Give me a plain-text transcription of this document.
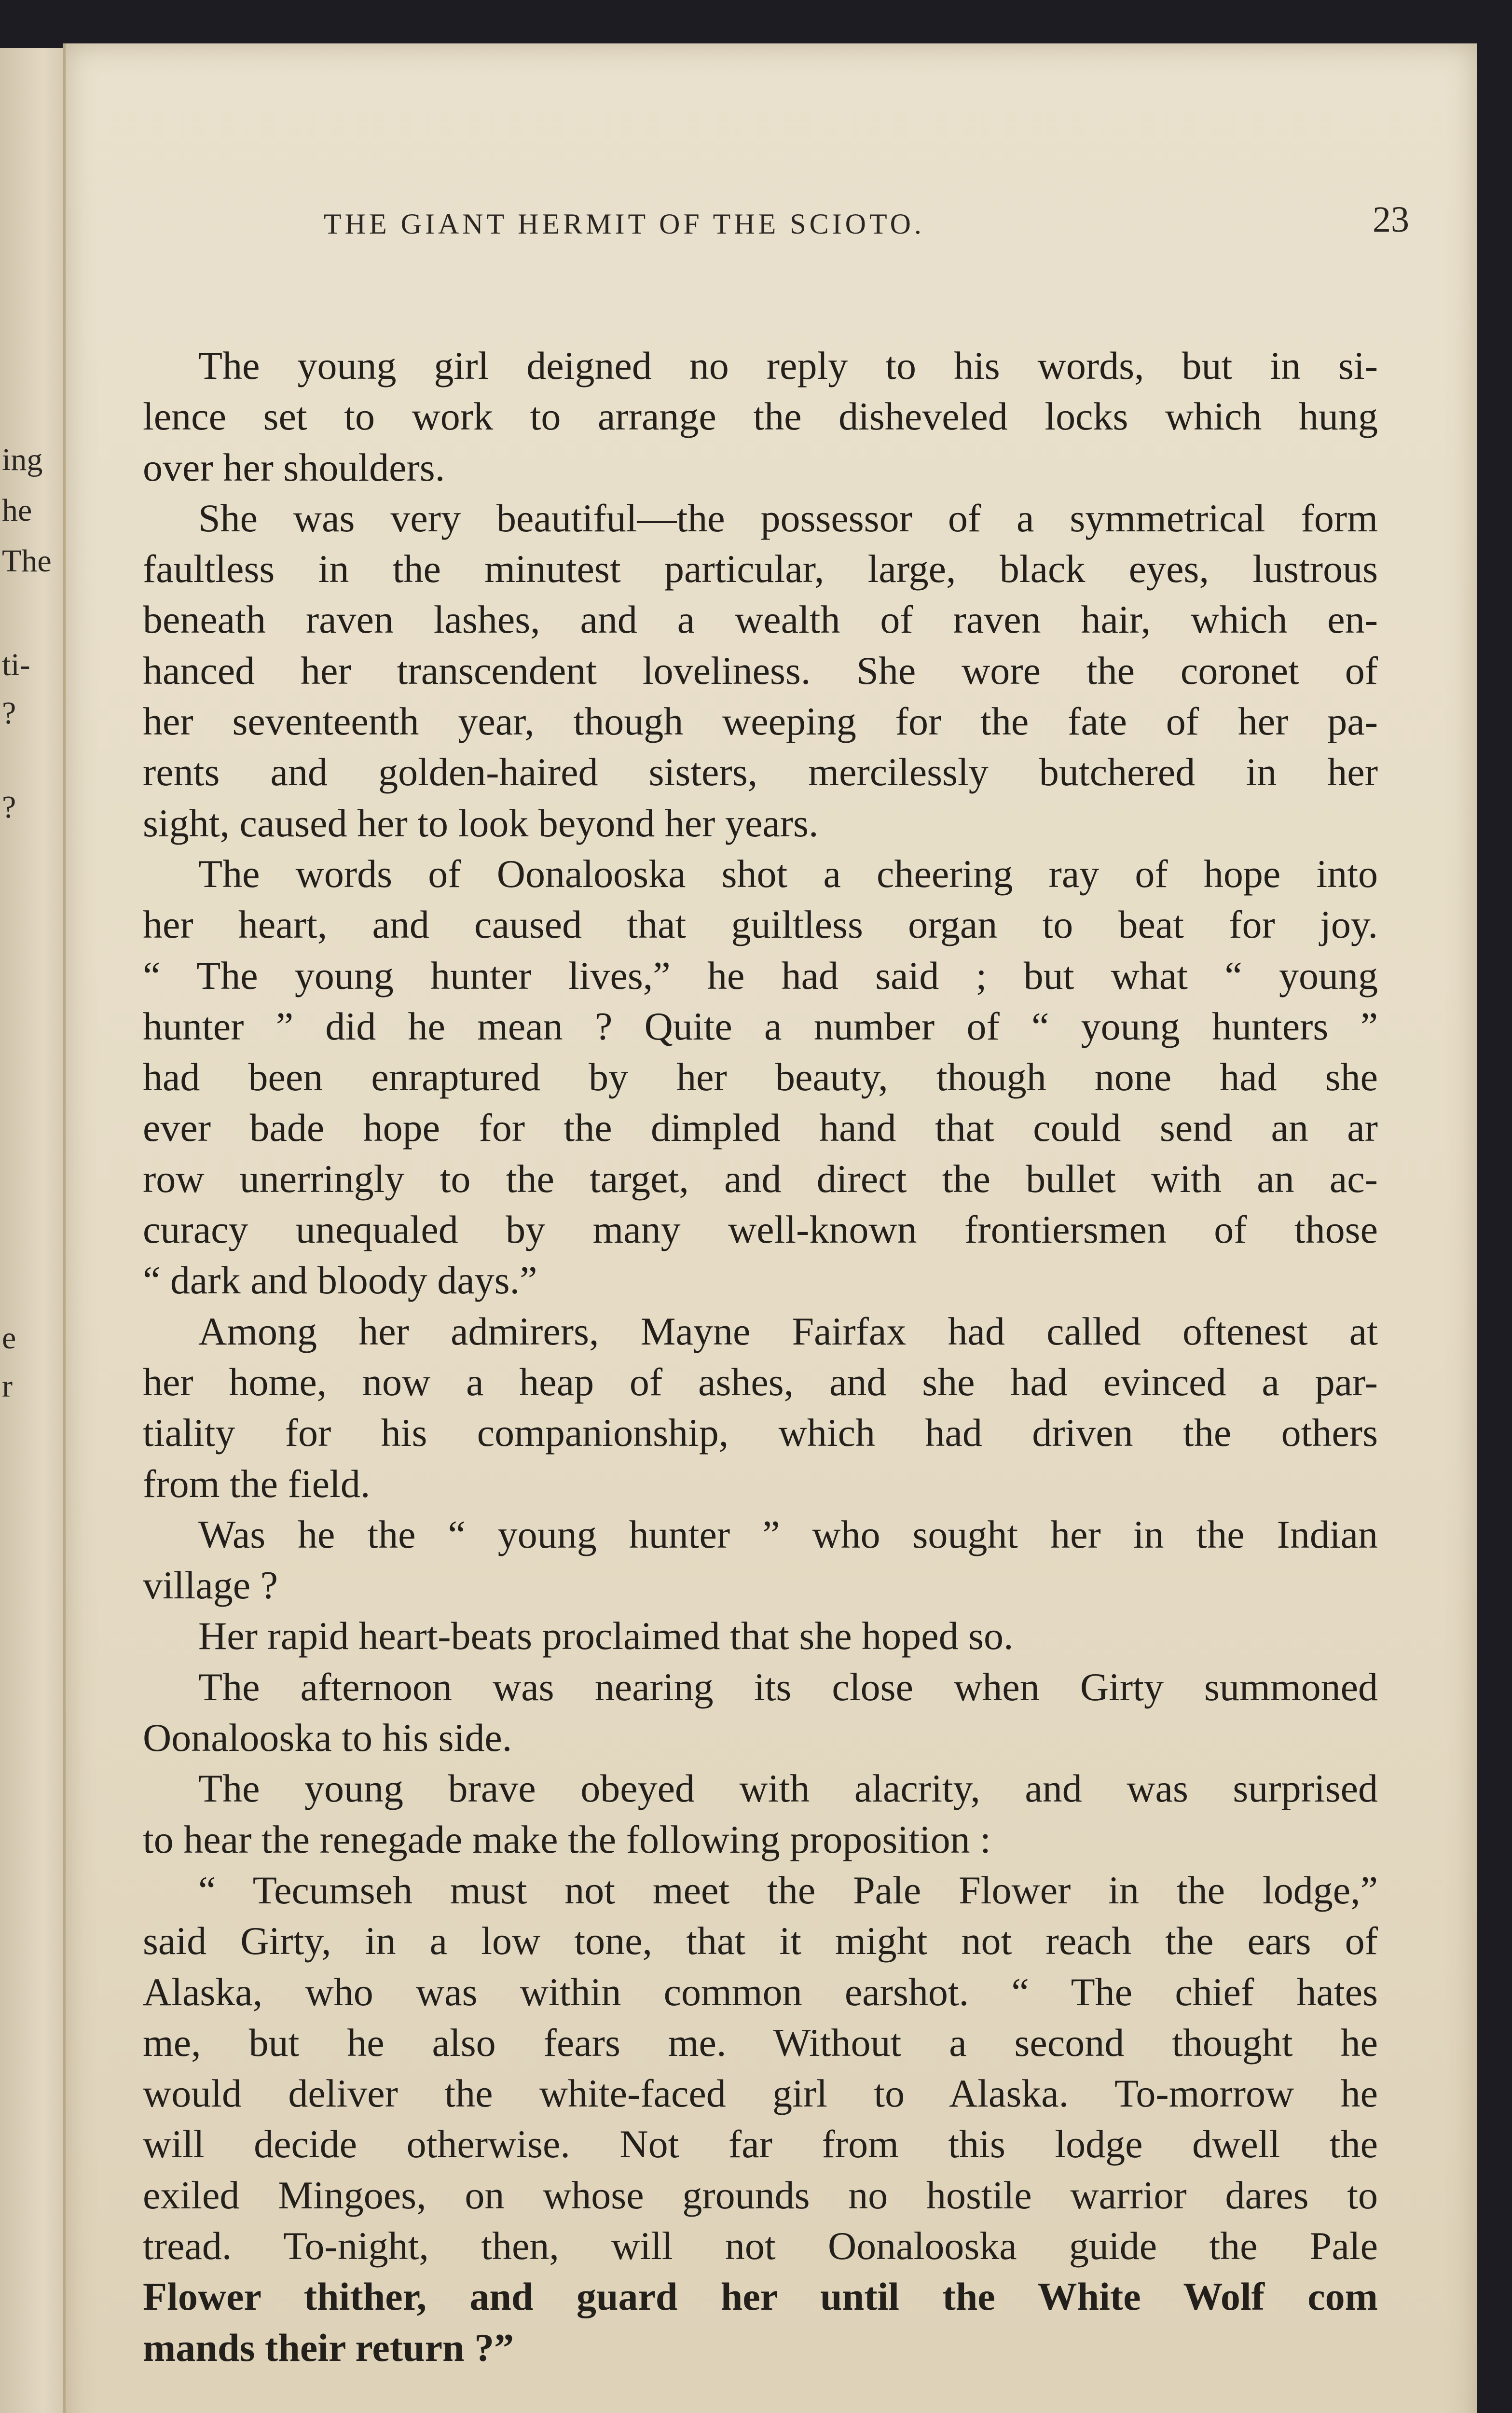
ing
he
The
ti-
?
?
e
r
THE GIANT HERMIT OF THE SCIOTO.	23
The young girl deigned no reply to his words, but in si-
lence set to work to arrange the disheveled locks which hung
over her shoulders.
She was very beautiful—the possessor of a symmetrical form
faultless in the minutest particular, large, black eyes, lustrous
beneath raven lashes, and a wealth of raven hair, which en-
hanced her transcendent loveliness. She wore the coronet of
her seventeenth year, though weeping for the fate of her pa-
rents and golden-haired sisters, mercilessly butchered in her
sight, caused her to look beyond her years.
The words of Oonalooska shot a cheering ray of hope into
her heart, and caused that guiltless organ to beat for joy.
“ The young hunter lives,” he had said ; but what “ young
hunter ” did he mean ? Quite a number of “ young hunters ”
had been enraptured by her beauty, though none had she
ever bade hope for the dimpled hand that could send an ar
row unerringly to the target, and direct the bullet with an ac-
curacy unequaled by many well-known frontiersmen of those
“ dark and bloody days.”
Among her admirers, Mayne Fairfax had called oftenest at
her home, now a heap of ashes, and she had evinced a par-
tiality for his companionship, which had driven the others
from the field.
Was he the “ young hunter ” who sought her in the Indian
village ?
Her rapid heart-beats proclaimed that she hoped so.
The afternoon was nearing its close when Girty summoned
Oonalooska to his side.
The young brave obeyed with alacrity, and was surprised
to hear the renegade make the following proposition :
“ Tecumseh must not meet the Pale Flower in the lodge,”
said Girty, in a low tone, that it might not reach the ears of
Alaska, who was within common earshot. “ The chief hates
me, but he also fears me. Without a second thought he
would deliver the white-faced girl to Alaska. To-morrow he
will decide otherwise. Not far from this lodge dwell the
exiled Mingoes, on whose grounds no hostile warrior dares to
tread. To-night, then, will not Oonalooska guide the Pale
Flower thither, and guard her until the White Wolf com
mands their return ?”
